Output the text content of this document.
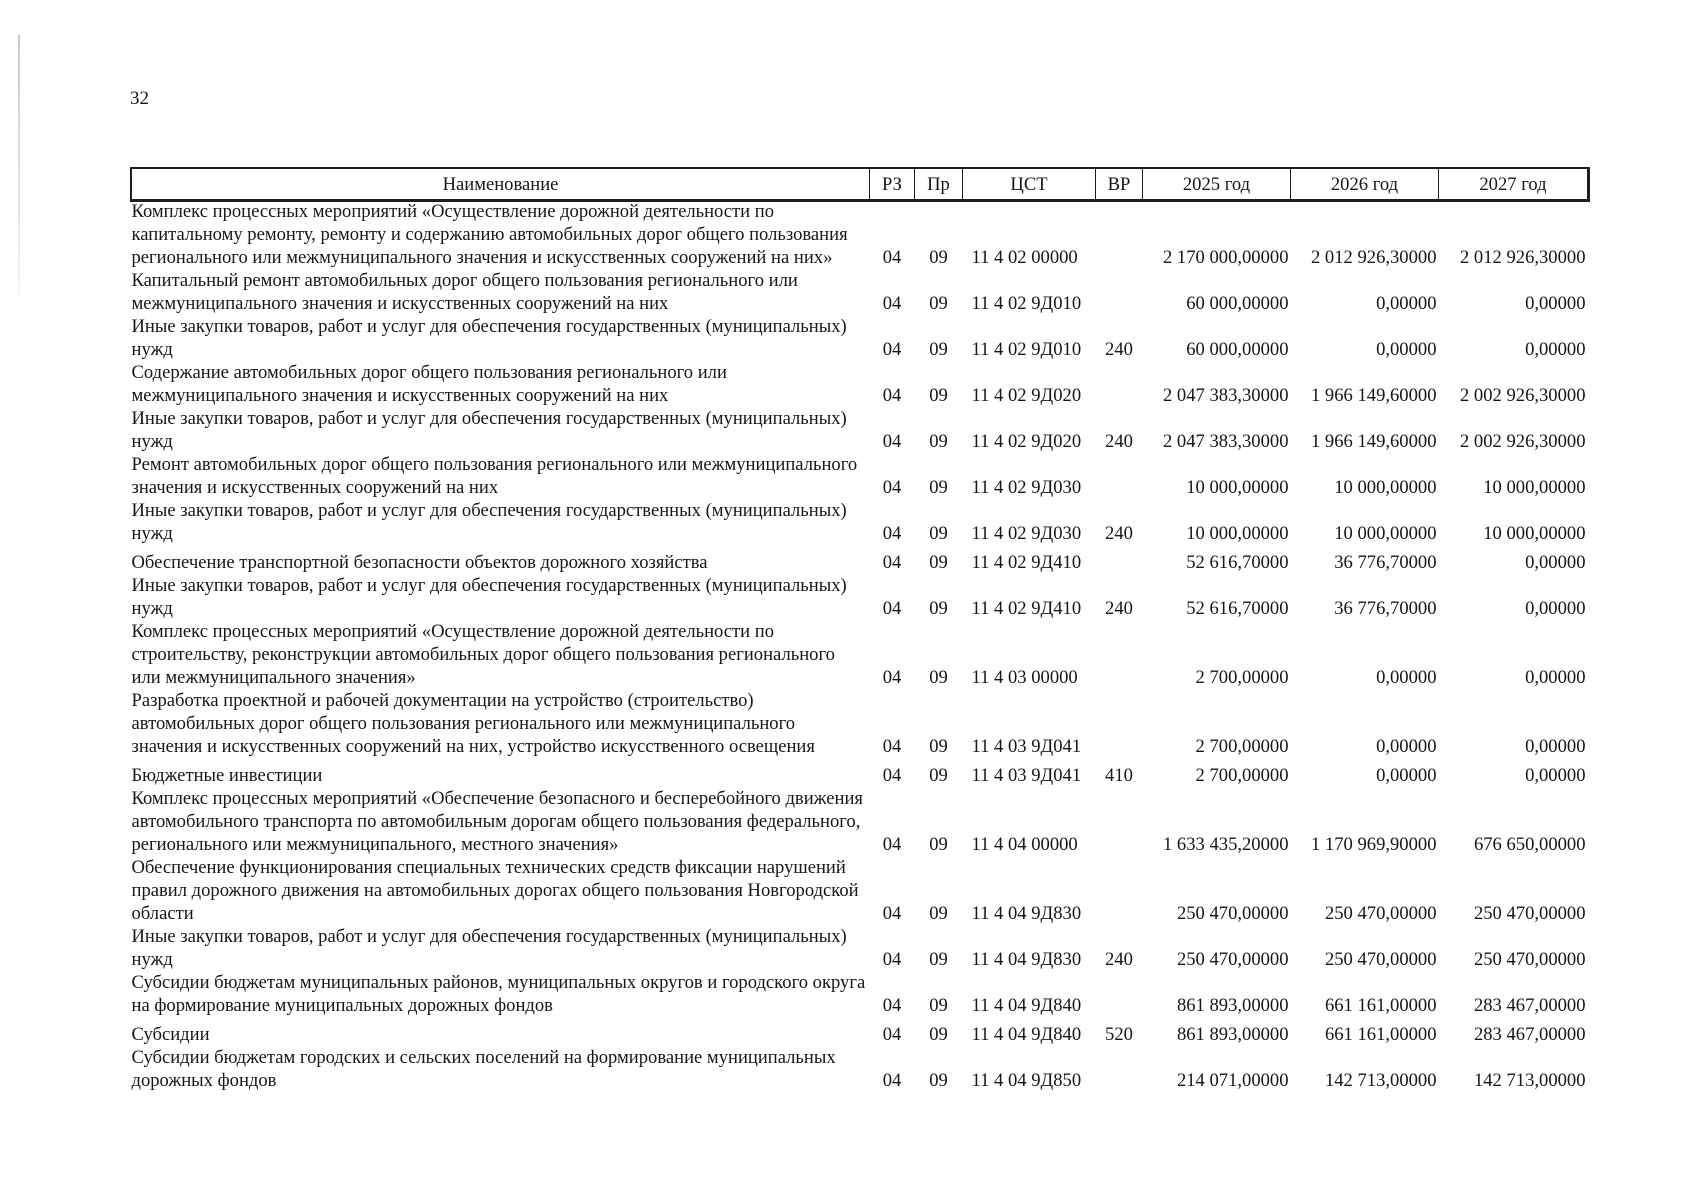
32
Наименование	РЗ	Пр	ЦСТ	ВР	2025 год	2026 год	2027 год
Комплекс процессных мероприятий «Осуществление дорожной деятельности по капитальному ремонту, ремонту и содержанию автомобильных дорог общего пользования регионального или межмуниципального значения и искусственных сооружений на них»	04	09	11 4 02 00000		2 170 000,00000	2 012 926,30000	2 012 926,30000
Капитальный ремонт автомобильных дорог общего пользования регионального или межмуниципального значения и искусственных сооружений на них	04	09	11 4 02 9Д010		60 000,00000	0,00000	0,00000
Иные закупки товаров, работ и услуг для обеспечения государственных (муниципальных) нужд	04	09	11 4 02 9Д010	240	60 000,00000	0,00000	0,00000
Содержание автомобильных дорог общего пользования регионального или межмуниципального значения и искусственных сооружений на них	04	09	11 4 02 9Д020		2 047 383,30000	1 966 149,60000	2 002 926,30000
Иные закупки товаров, работ и услуг для обеспечения государственных (муниципальных) нужд	04	09	11 4 02 9Д020	240	2 047 383,30000	1 966 149,60000	2 002 926,30000
Ремонт автомобильных дорог общего пользования регионального или межмуниципального значения и искусственных сооружений на них	04	09	11 4 02 9Д030		10 000,00000	10 000,00000	10 000,00000
Иные закупки товаров, работ и услуг для обеспечения государственных (муниципальных) нужд	04	09	11 4 02 9Д030	240	10 000,00000	10 000,00000	10 000,00000
Обеспечение транспортной безопасности объектов дорожного хозяйства	04	09	11 4 02 9Д410		52 616,70000	36 776,70000	0,00000
Иные закупки товаров, работ и услуг для обеспечения государственных (муниципальных) нужд	04	09	11 4 02 9Д410	240	52 616,70000	36 776,70000	0,00000
Комплекс процессных мероприятий «Осуществление дорожной деятельности по строительству, реконструкции автомобильных дорог общего пользования регионального или межмуниципального значения»	04	09	11 4 03 00000		2 700,00000	0,00000	0,00000
Разработка проектной и рабочей документации на устройство (строительство) автомобильных дорог общего пользования регионального или межмуниципального значения и искусственных сооружений на них, устройство искусственного освещения	04	09	11 4 03 9Д041		2 700,00000	0,00000	0,00000
Бюджетные инвестиции	04	09	11 4 03 9Д041	410	2 700,00000	0,00000	0,00000
Комплекс процессных мероприятий «Обеспечение безопасного и бесперебойного движения автомобильного транспорта по автомобильным дорогам общего пользования федерального, регионального или межмуниципального, местного значения»	04	09	11 4 04 00000		1 633 435,20000	1 170 969,90000	676 650,00000
Обеспечение функционирования специальных технических средств фиксации нарушений правил дорожного движения на автомобильных дорогах общего пользования Новгородской области	04	09	11 4 04 9Д830		250 470,00000	250 470,00000	250 470,00000
Иные закупки товаров, работ и услуг для обеспечения государственных (муниципальных) нужд	04	09	11 4 04 9Д830	240	250 470,00000	250 470,00000	250 470,00000
Субсидии бюджетам муниципальных районов, муниципальных округов и городского округа на формирование муниципальных дорожных фондов	04	09	11 4 04 9Д840		861 893,00000	661 161,00000	283 467,00000
Субсидии	04	09	11 4 04 9Д840	520	861 893,00000	661 161,00000	283 467,00000
Субсидии бюджетам городских и сельских поселений на формирование муниципальных дорожных фондов	04	09	11 4 04 9Д850		214 071,00000	142 713,00000	142 713,00000
